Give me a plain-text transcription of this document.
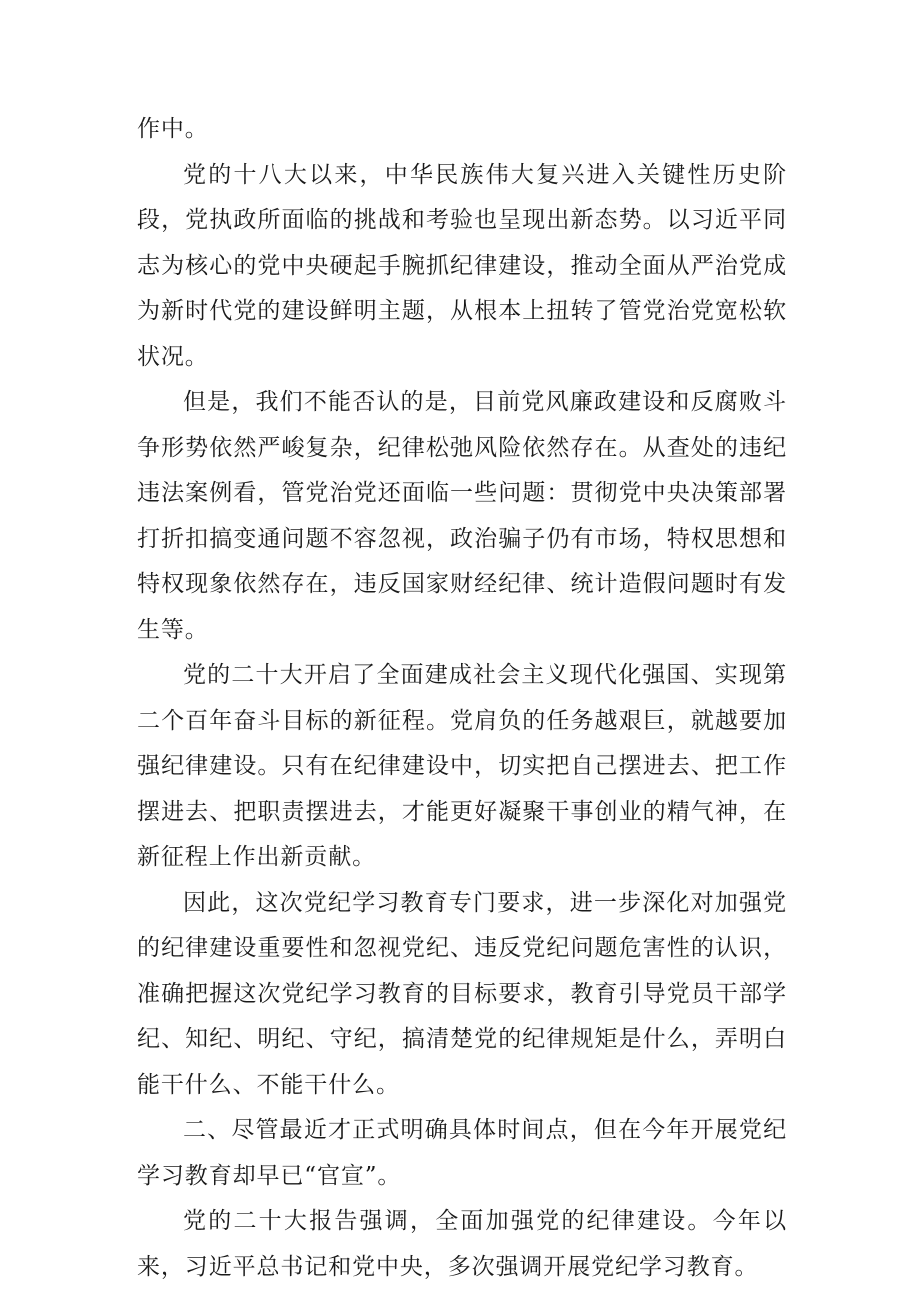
作中。

党的十八大以来，中华民族伟大复兴进入关键性历史阶段，党执政所面临的挑战和考验也呈现出新态势。以习近平同志为核心的党中央硬起手腕抓纪律建设，推动全面从严治党成为新时代党的建设鲜明主题，从根本上扭转了管党治党宽松软状况。

但是，我们不能否认的是，目前党风廉政建设和反腐败斗争形势依然严峻复杂，纪律松弛风险依然存在。从查处的违纪违法案例看，管党治党还面临一些问题：贯彻党中央决策部署打折扣搞变通问题不容忽视，政治骗子仍有市场，特权思想和特权现象依然存在，违反国家财经纪律、统计造假问题时有发生等。

党的二十大开启了全面建成社会主义现代化强国、实现第二个百年奋斗目标的新征程。党肩负的任务越艰巨，就越要加强纪律建设。只有在纪律建设中，切实把自己摆进去、把工作摆进去、把职责摆进去，才能更好凝聚干事创业的精气神，在新征程上作出新贡献。

因此，这次党纪学习教育专门要求，进一步深化对加强党的纪律建设重要性和忽视党纪、违反党纪问题危害性的认识，准确把握这次党纪学习教育的目标要求，教育引导党员干部学纪、知纪、明纪、守纪，搞清楚党的纪律规矩是什么，弄明白能干什么、不能干什么。

二、尽管最近才正式明确具体时间点，但在今年开展党纪学习教育却早已“官宣”。

党的二十大报告强调，全面加强党的纪律建设。今年以来，习近平总书记和党中央，多次强调开展党纪学习教育。
